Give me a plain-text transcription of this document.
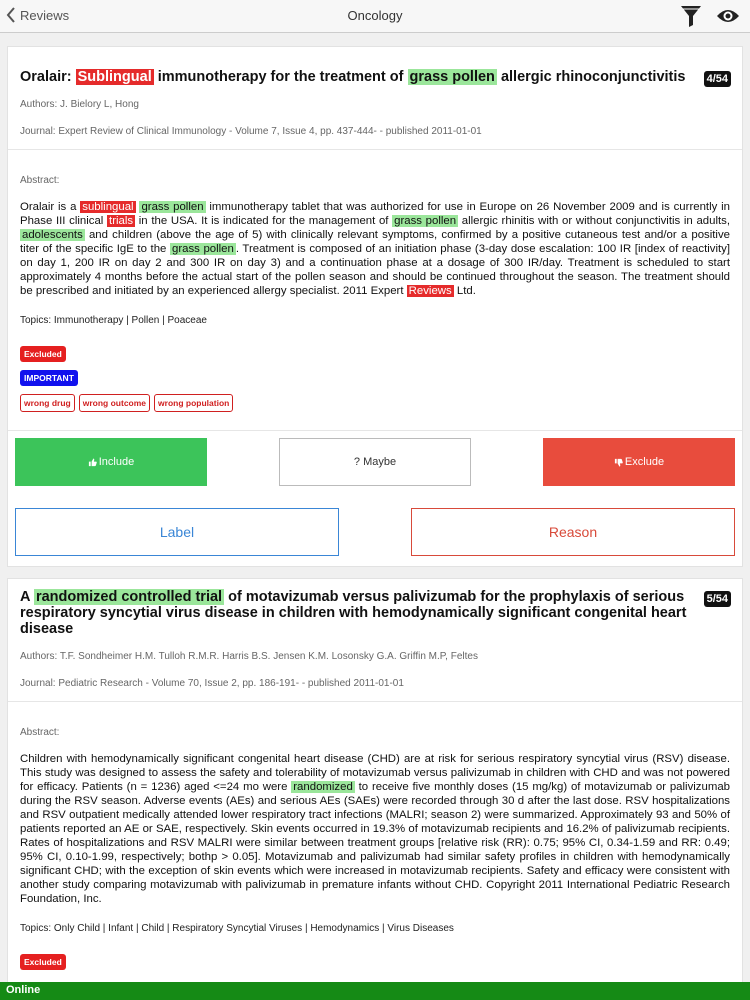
Reviews	Oncology
Oralair: Sublingual immunotherapy for the treatment of grass pollen allergic rhinoconjunctivitis	4/54
Authors: J. Bielory L, Hong
Journal: Expert Review of Clinical Immunology - Volume 7, Issue 4, pp. 437-444- - published 2011-01-01
Abstract:
Oralair is a sublingual grass pollen immunotherapy tablet that was authorized for use in Europe on 26 November 2009 and is currently in Phase III clinical trials in the USA. It is indicated for the management of grass pollen allergic rhinitis with or without conjunctivitis in adults, adolescents and children (above the age of 5) with clinically relevant symptoms, confirmed by a positive cutaneous test and/or a positive titer of the specific IgE to the grass pollen . Treatment is composed of an initiation phase (3-day dose escalation: 100 IR [index of reactivity] on day 1, 200 IR on day 2 and 300 IR on day 3) and a continuation phase at a dosage of 300 IR/day. Treatment is scheduled to start approximately 4 months before the actual start of the pollen season and should be continued throughout the season. The treatment should be prescribed and initiated by an experienced allergy specialist. 2011 Expert Reviews Ltd.
Topics: Immunotherapy | Pollen | Poaceae
Excluded
IMPORTANT
wrong drug	wrong outcome	wrong population
Include	? Maybe	Exclude
Label	Reason
A randomized controlled trial of motavizumab versus palivizumab for the prophylaxis of serious respiratory syncytial virus disease in children with hemodynamically significant congenital heart disease
5/54
Authors: T.F. Sondheimer H.M. Tulloh R.M.R. Harris B.S. Jensen K.M. Losonsky G.A. Griffin M.P, Feltes
Journal: Pediatric Research - Volume 70, Issue 2, pp. 186-191- - published 2011-01-01
Abstract:
Children with hemodynamically significant congenital heart disease (CHD) are at risk for serious respiratory syncytial virus (RSV) disease. This study was designed to assess the safety and tolerability of motavizumab versus palivizumab in children with CHD and was not powered for efficacy. Patients (n = 1236) aged <=24 mo were randomized to receive five monthly doses (15 mg/kg) of motavizumab or palivizumab during the RSV season. Adverse events (AEs) and serious AEs (SAEs) were recorded through 30 d after the last dose. RSV hospitalizations and RSV outpatient medically attended lower respiratory tract infections (MALRI; season 2) were summarized. Approximately 93 and 50% of patients reported an AE or SAE, respectively. Skin events occurred in 19.3% of motavizumab recipients and 16.2% of palivizumab recipients. Rates of hospitalizations and RSV MALRI were similar between treatment groups [relative risk (RR): 0.75; 95% CI, 0.34-1.59 and RR: 0.49; 95% CI, 0.10-1.99, respectively; bothp > 0.05]. Motavizumab and palivizumab had similar safety profiles in children with hemodynamically significant CHD; with the exception of skin events which were increased in motavizumab recipients. Safety and efficacy were consistent with another study comparing motavizumab with palivizumab in premature infants without CHD. Copyright 2011 International Pediatric Research Foundation, Inc.
Topics: Only Child | Infant | Child | Respiratory Syncytial Viruses | Hemodynamics | Virus Diseases
Excluded
Online
